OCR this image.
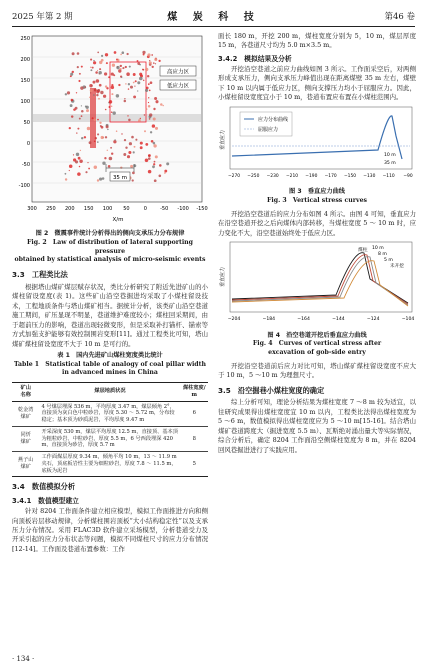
2025 年第 2 期	煤 炭 科 技	第46 卷
高应力区
低应力区
35 m
250
200
150
100
50
0
-50
-100
300 250 200 150 100 50	0	-50 -100 -150
X/m
图 2　微震事件统计分析得出的侧向支承压力分布规律
Fig. 2　Law of distribution of lateral supporting pressure
obtained by statistical analysis of micro-seismic events
3.3　工程类比法

根据塔山煤矿煤层赋存状况，类比分析研究了附近先进矿山的小煤柱留设宽度(表 1)。这些矿山沿空巷掘进均采取了小煤柱留设技术，工程地质条件与塔山煤矿相当。据统计分析，该类矿山沿空巷道施工期间，矿压显现不明显，巷道维护难度较小；煤柱回采期间，由于超前压力的影响，巷道出现轻微变形，但是采取补打锚杆、锚索等方式加强支护能够有效控制围岩变形[11]。通过工程类比可知，塔山煤矿煤柱留设宽度不大于 10 m 是可行的。

表 1　国内先进矿山煤柱宽度类比统计
Table 1　Statistical table of analogy of coal pillar width
in advanced mines in China
矿山
名称	煤层地质状况	煤柱宽度/
m
乾金湾
煤矿	4 号煤层埋深 536 m，平均厚度 3.47 m，煤层倾角 2°，直接顶为灰白色中粒砂岩，厚度 5.30 ～ 5.72 m，分布较稳定；基本顶为砂质泥岩，平均厚度 9.47 m	6
同忻
煤矿	开采深度 530 m，煤层平均厚度 12.5 m，直接顶、基本顶为粗粒砂岩、中粒砂岩，厚度 5.5 m，6 号西段埋深 420 m，直接顶为砂岩，厚度 5.7 m	8
燕子山
煤矿	工作面煤层厚度 9.34 m，倾角平均 10 m，13 ～ 11.9 m 夹石，顶底板岩性主要为细粒砂岩，厚度 7.8 ～ 11.5 m，底板为泥岩	5
3.4　数值模拟分析
3.4.1　数值模型建立

针对 8204 工作面条件建立相应模型，模拟工作面推进方向和侧向顶板岩层移动规律，分析煤柱围岩顶板“大小结构稳定性”以及支承压力分布情况。采用 FLAC3D 软件建立采场模型，分析巷道受力及开采引起的应力分布状态等问题，模拟不同煤柱尺寸的应力分布情况[12-14]。工作面及巷道布置参数：工作

面长 180 m，开挖 200 m，煤柱宽度分别为 5，10 m，煤层厚度 15 m，各巷道尺寸均为 5.0 m×3.5 m。

3.4.2　模拟结果及分析

开挖沿空巷道之前应力曲线如图 3 所示。工作面采空后，对两侧形成支承压力，侧向支承压力峰值出现在距离煤壁 35 m 左右，煤壁下 10 m 以内属于低应力区，侧向支撑压力均小于屈服应力。因此，小煤柱留设宽度宜小于 10 m，巷道布置应布置在小煤柱范围内。

垂直应力
应力分布曲线
屈服应力
10 m
35 m
−270 −250 −230 −210 −190 −170 −150 −130 −110 −90
图 3　垂直应力曲线
Fig. 3　Vertical stress curves

开挖沿空巷道后的应力分布如图 4 所示。由图 4 可知，垂直应力在沿空巷道开挖之后向煤体内部转移，当煤柱宽度 5 ～ 10 m 时，应力变化不大，沿空巷道始终处于低应力区。

垂直应力
煤柱 10 m
8 m
5 m
未开挖
−204	−184	−164	−144	−124	−104
图 4　沿空巷道开挖后垂直应力曲线
Fig. 4　Curves of vertical stress after
excavation of gob-side entry

开挖沿空巷道前后应力对比可知，塔山煤矿煤柱留设宽度不应大于 10 m，5 ～10 m 为理想尺寸。

3.5　沿空掘巷小煤柱宽度的确定

综上分析可知，理论分析结果为煤柱宽度 7 ～8 m 较为适宜，以往研究成果得出煤柱宽度宜 10 m 以内，工程类比法得出煤柱宽度为 5 ～6 m，数值模拟得出煤柱宽度应为 5 ～10 m[15-16]。结合塔山煤矿巷道跨度大（掘进宽度 5.5 m）、瓦斯绝对涌出量大等实际情况，综合分析后，确定 8204 工作面沿空侧煤柱宽度为 8 m，并在 8204 回风巷掘进进行了实践应用。

· 134 ·
